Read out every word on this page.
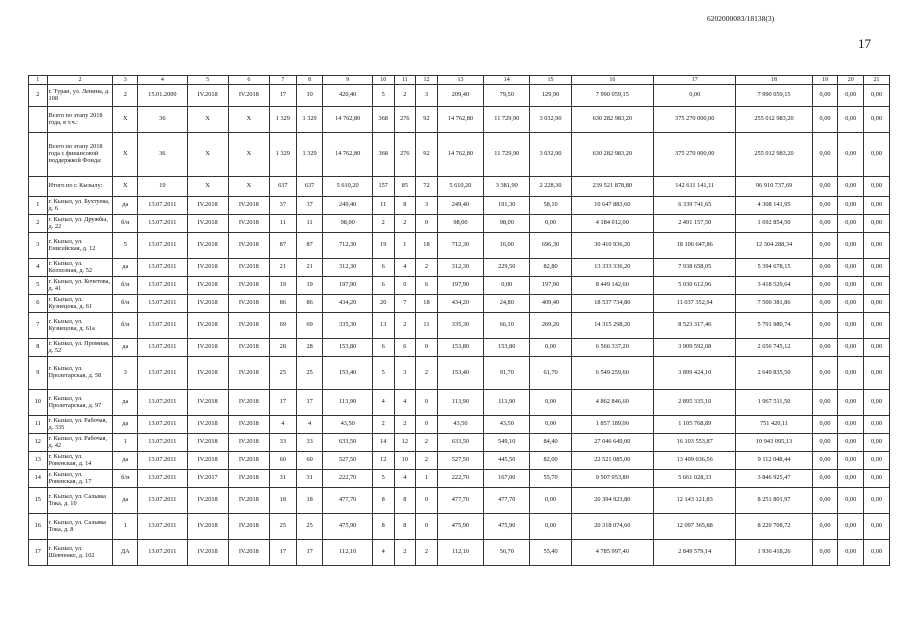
6202000083/18138(3)
17
1	2	3	4	5	6	7	8	9	10	11	12	13	14	15	16	17	18	19	20	21
2	г. Туран, ул. Ленина, д. 108	2	15.01.2009	IV.2018	IV.2018	17	10	420,40	5	2	3	209,40	79,50	129,90	7 990 059,15	0,00	7 990 059,15	0,00	0,00	0,00
	Всего по этапу 2018 года, в т.ч.:	X	36	X	X	1 329	1 329	14 762,80	368	276	92	14 762,80	11 729,90	3 032,90	630 282 983,20	375 270 000,00	255 012 983,20	0,00	0,00	0,00
	Всего по этапу 2018 года с финансовой поддержкой Фонда:	X	36	X	X	1 329	1 329	14 762,80	368	276	92	14 762,80	11 729,90	3 032,90	630 282 983,20	375 270 000,00	255 012 983,20	0,00	0,00	0,00
	Итого по г. Кызылу:	X	19	X	X	637	637	5 610,20	157	85	72	5 610,20	3 381,90	2 228,30	239 521 878,80	142 611 141,11	96 910 737,69	0,00	0,00	0,00
1	г. Кызыл, ул. Бухтуева, д. 6	да	13.07.2011	IV.2018	IV.2018	37	37	249,40	11	8	3	249,40	191,30	58,10	10 647 883,60	6 339 741,65	4 308 141,95	0,00	0,00	0,00
2	г. Кызыл, ул. Дружбы, д. 22	б/н	13.07.2011	IV.2018	IV.2018	11	11	98,00	2	2	0	98,00	98,00	0,00	4 184 012,00	2 491 157,50	1 692 854,50	0,00	0,00	0,00
3	г. Кызыл, ул. Енисейская, д. 12	5	13.07.2011	IV.2018	IV.2018	87	87	712,30	19	1	18	712,30	16,00	696,30	30 410 936,20	18 106 647,86	12 304 288,34	0,00	0,00	0,00
4	г. Кызыл, ул. Колхозная, д. 52	да	13.07.2011	IV.2018	IV.2018	21	21	312,30	6	4	2	312,30	229,50	82,80	13 333 336,20	7 938 658,05	5 394 678,15	0,00	0,00	0,00
5	г. Кызыл, ул. Кочетова, д. 41	б/н	13.07.2011	IV.2018	IV.2018	19	19	197,90	6	0	6	197,90	0,00	197,90	8 449 142,60	5 030 612,96	3 418 529,64	0,00	0,00	0,00
6	г. Кызыл, ул. Кузнецова, д. 61	б/н	13.07.2011	IV.2018	IV.2018	86	86	434,20	20	7	18	434,20	24,80	409,40	18 537 734,80	11 037 352,94	7 500 381,86	0,00	0,00	0,00
7	г. Кызыл, ул. Кузнецова, д. 61а	б/н	13.07.2011	IV.2018	IV.2018	69	69	335,30	13	2	11	335,30	66,10	269,20	14 315 298,20	8 523 317,46	5 791 980,74	0,00	0,00	0,00
8	г. Кызыл, ул. Промная, д. 52	да	13.07.2011	IV.2018	IV.2018	28	28	153,80	6	6	0	153,80	153,80	0,00	6 566 337,20	3 909 592,08	2 656 745,12	0,00	0,00	0,00
9	г. Кызыл, ул. Пролетарская, д. 58	3	13.07.2011	IV.2018	IV.2018	25	25	153,40	5	3	2	153,40	91,70	61,70	6 549 259,60	3 899 424,10	2 649 835,50	0,00	0,00	0,00
10	г. Кызыл, ул. Пролетарская, д. 97	да	13.07.2011	IV.2018	IV.2018	17	17	113,90	4	4	0	113,90	113,90	0,00	4 862 846,60	2 895 335,10	1 967 511,50	0,00	0,00	0,00
11	г. Кызыл, ул. Рабочая, д. 335	да	13.07.2011	IV.2018	IV.2018	4	4	43,50	2	2	0	43,50	43,50	0,00	1 857 189,00	1 105 768,89	751 420,11	0,00	0,00	0,00
12	г. Кызыл, ул. Рабочая, д. 42	1	13.07.2011	IV.2018	IV.2018	33	33	633,50	14	12	2	633,50	549,10	84,40	27 046 649,00	16 103 553,87	10 943 095,13	0,00	0,00	0,00
13	г. Кызыл, ул. Ровенская, д. 14	да	13.07.2011	IV.2018	IV.2018	60	60	527,50	12	10	2	527,50	445,50	82,00	22 521 085,00	13 409 036,56	9 112 048,44	0,00	0,00	0,00
14	г. Кызыл, ул. Ровенская, д. 17	б/н	13.07.2011	IV.2017	IV.2018	31	31	222,70	5	4	1	222,70	167,00	55,70	9 507 953,80	5 661 028,33	3 846 925,47	0,00	0,00	0,00
15	г. Кызыл, ул. Сальвка Тока, д. 10	да	13.07.2011	IV.2018	IV.2018	18	18	477,70	8	8	0	477,70	477,70	0,00	20 394 923,80	12 143 121,83	8 251 801,97	0,00	0,00	0,00
16	г. Кызыл, ул. Сальвка Тока, д. 8	1	13.07.2011	IV.2018	IV.2018	25	25	475,90	8	8	0	475,90	475,90	0,00	20 318 074,60	12 097 365,88	8 220 708,72	0,00	0,00	0,00
17	г. Кызыл, ул. Шевченко, д. 102	ДА	13.07.2011	IV.2018	IV.2018	17	17	112,10	4	2	2	112,10	56,70	55,40	4 785 997,40	2 849 579,14	1 936 418,26	0,00	0,00	0,00
